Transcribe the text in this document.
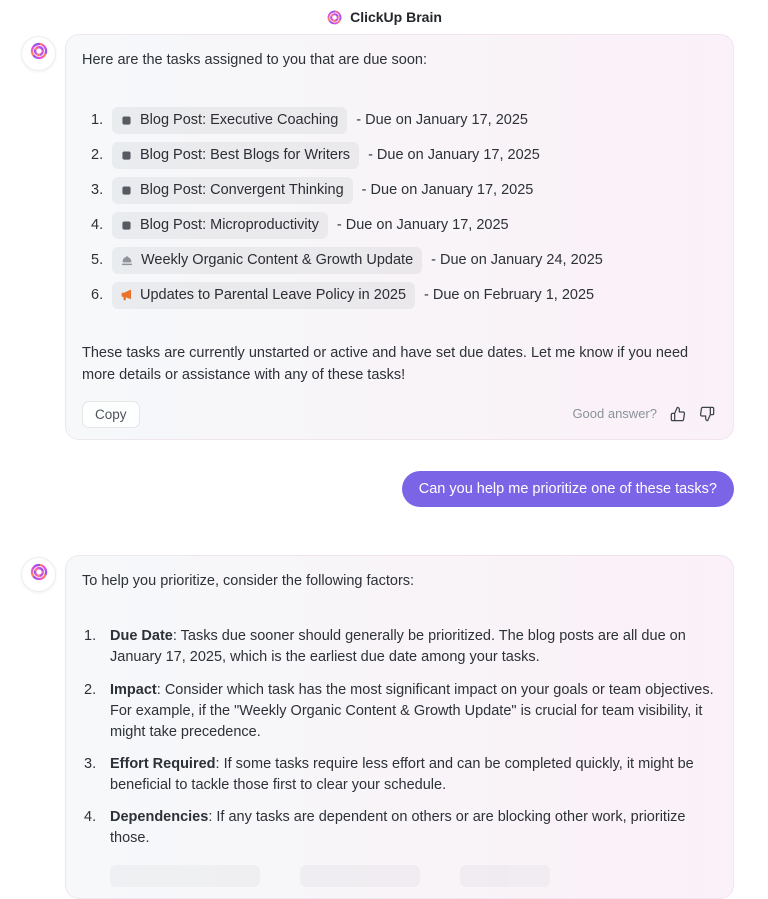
ClickUp Brain

Here are the tasks assigned to you that are due soon:

1.	Blog Post: Executive Coaching - Due on January 17, 2025
2.	Blog Post: Best Blogs for Writers - Due on January 17, 2025
3.	Blog Post: Convergent Thinking - Due on January 17, 2025
4.	Blog Post: Microproductivity - Due on January 17, 2025
5.	Weekly Organic Content & Growth Update - Due on January 24, 2025
6.	Updates to Parental Leave Policy in 2025 - Due on February 1, 2025

These tasks are currently unstarted or active and have set due dates. Let me know if you need more details or assistance with any of these tasks!

Copy	Good answer?
Can you help me prioritize one of these tasks?

To help you prioritize, consider the following factors:

1. Due Date: Tasks due sooner should generally be prioritized. The blog posts are all due on January 17, 2025, which is the earliest due date among your tasks.
2. Impact: Consider which task has the most significant impact on your goals or team objectives. For example, if the "Weekly Organic Content & Growth Update" is crucial for team visibility, it might take precedence.
3. Effort Required: If some tasks require less effort and can be completed quickly, it might be beneficial to tackle those first to clear your schedule.
4. Dependencies: If any tasks are dependent on others or are blocking other work, prioritize those.
